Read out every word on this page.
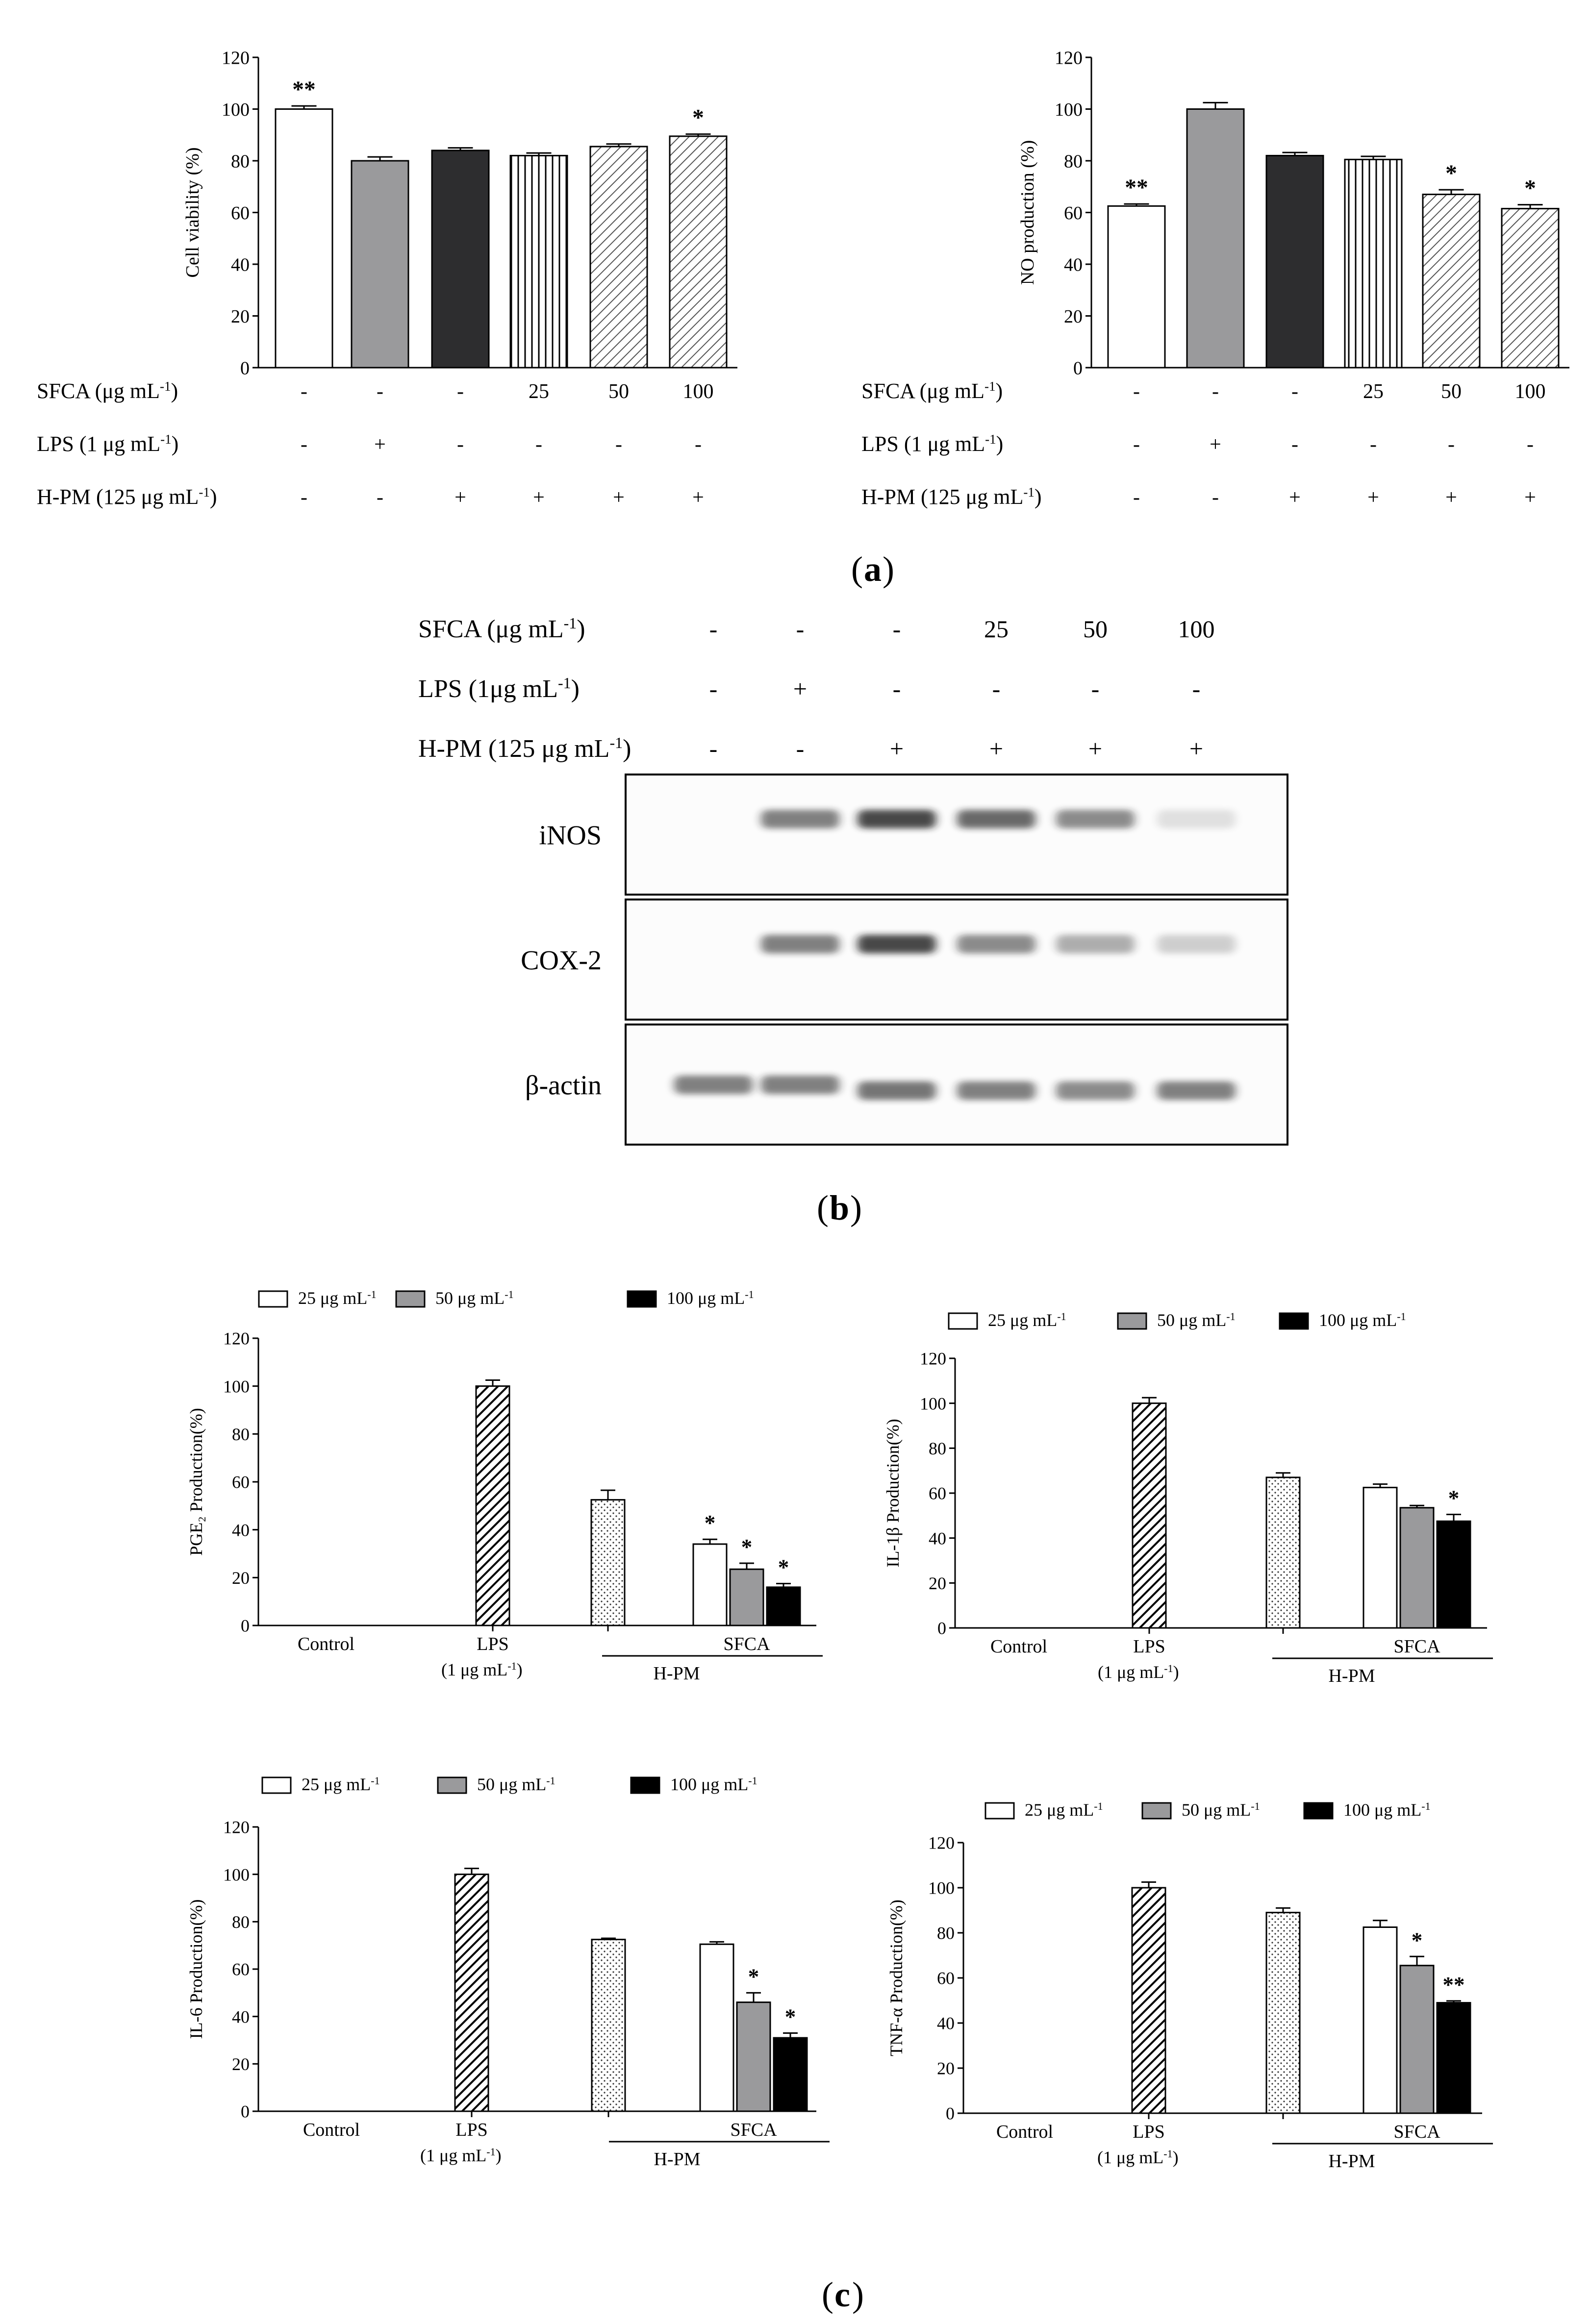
( a )
( b )
( c )
0
20
40
60
80
100
120
Cell viability (%)
**
*
SFCA (μg $mL^{-1}$)	-	-	-	25	50	100
LPS (1 μg $mL^{-1}$)	-	+	-	-	-	-
H-PM (125 μg $mL^{-1}$)	-	-	+	+	+	+
0
20
40
60
80
100
120
NO production (%)	**
*
*
SFCA (μg $mL^{-1}$)	-	-	-	25	50	100
LPS (1 μg $mL^{-1}$)	-	+	-	-	-	-
H-PM (125 μg $mL^{-1}$)	-	-	+	+	+	+
SFCA (μg $mL^{-1}$)	-	-	-	25	50	100
LPS (1μg $mL^{-1}$)	-	+	-	-	-	-
H-PM (125 μg $mL^{-1}$)	-	-	+	+	+	+
iNOS
COX-2
β-actin
0
20
40
60
80
100
120
PGE₂ Production(%)	*
*
*
Control	LPS
(1 μg $mL^{-1}$)
SFCA
H-PM
25 μg $mL^{-1}$	50 μg $mL^{-1}$	100 μg $mL^{-1}$
0
20
40
60
80
100
120
IL-1β Production(%)	*
Control	LPS
(1 μg $mL^{-1}$)
SFCA
H-PM
25 μg $mL^{-1}$	50 μg $mL^{-1}$	100 μg $mL^{-1}$
0
20
40
60
80
100
120
IL-6 Production(%)	*
*
Control	LPS
(1 μg $mL^{-1}$)
SFCA
H-PM
25 μg $mL^{-1}$	50 μg $mL^{-1}$	100 μg $mL^{-1}$
0
20
40
60
80
100
120
TNF-α Production(%)	*
**
Control	LPS
(1 μg $mL^{-1}$)
SFCA
H-PM
25 μg $mL^{-1}$	50 μg $mL^{-1}$	100 μg $mL^{-1}$
